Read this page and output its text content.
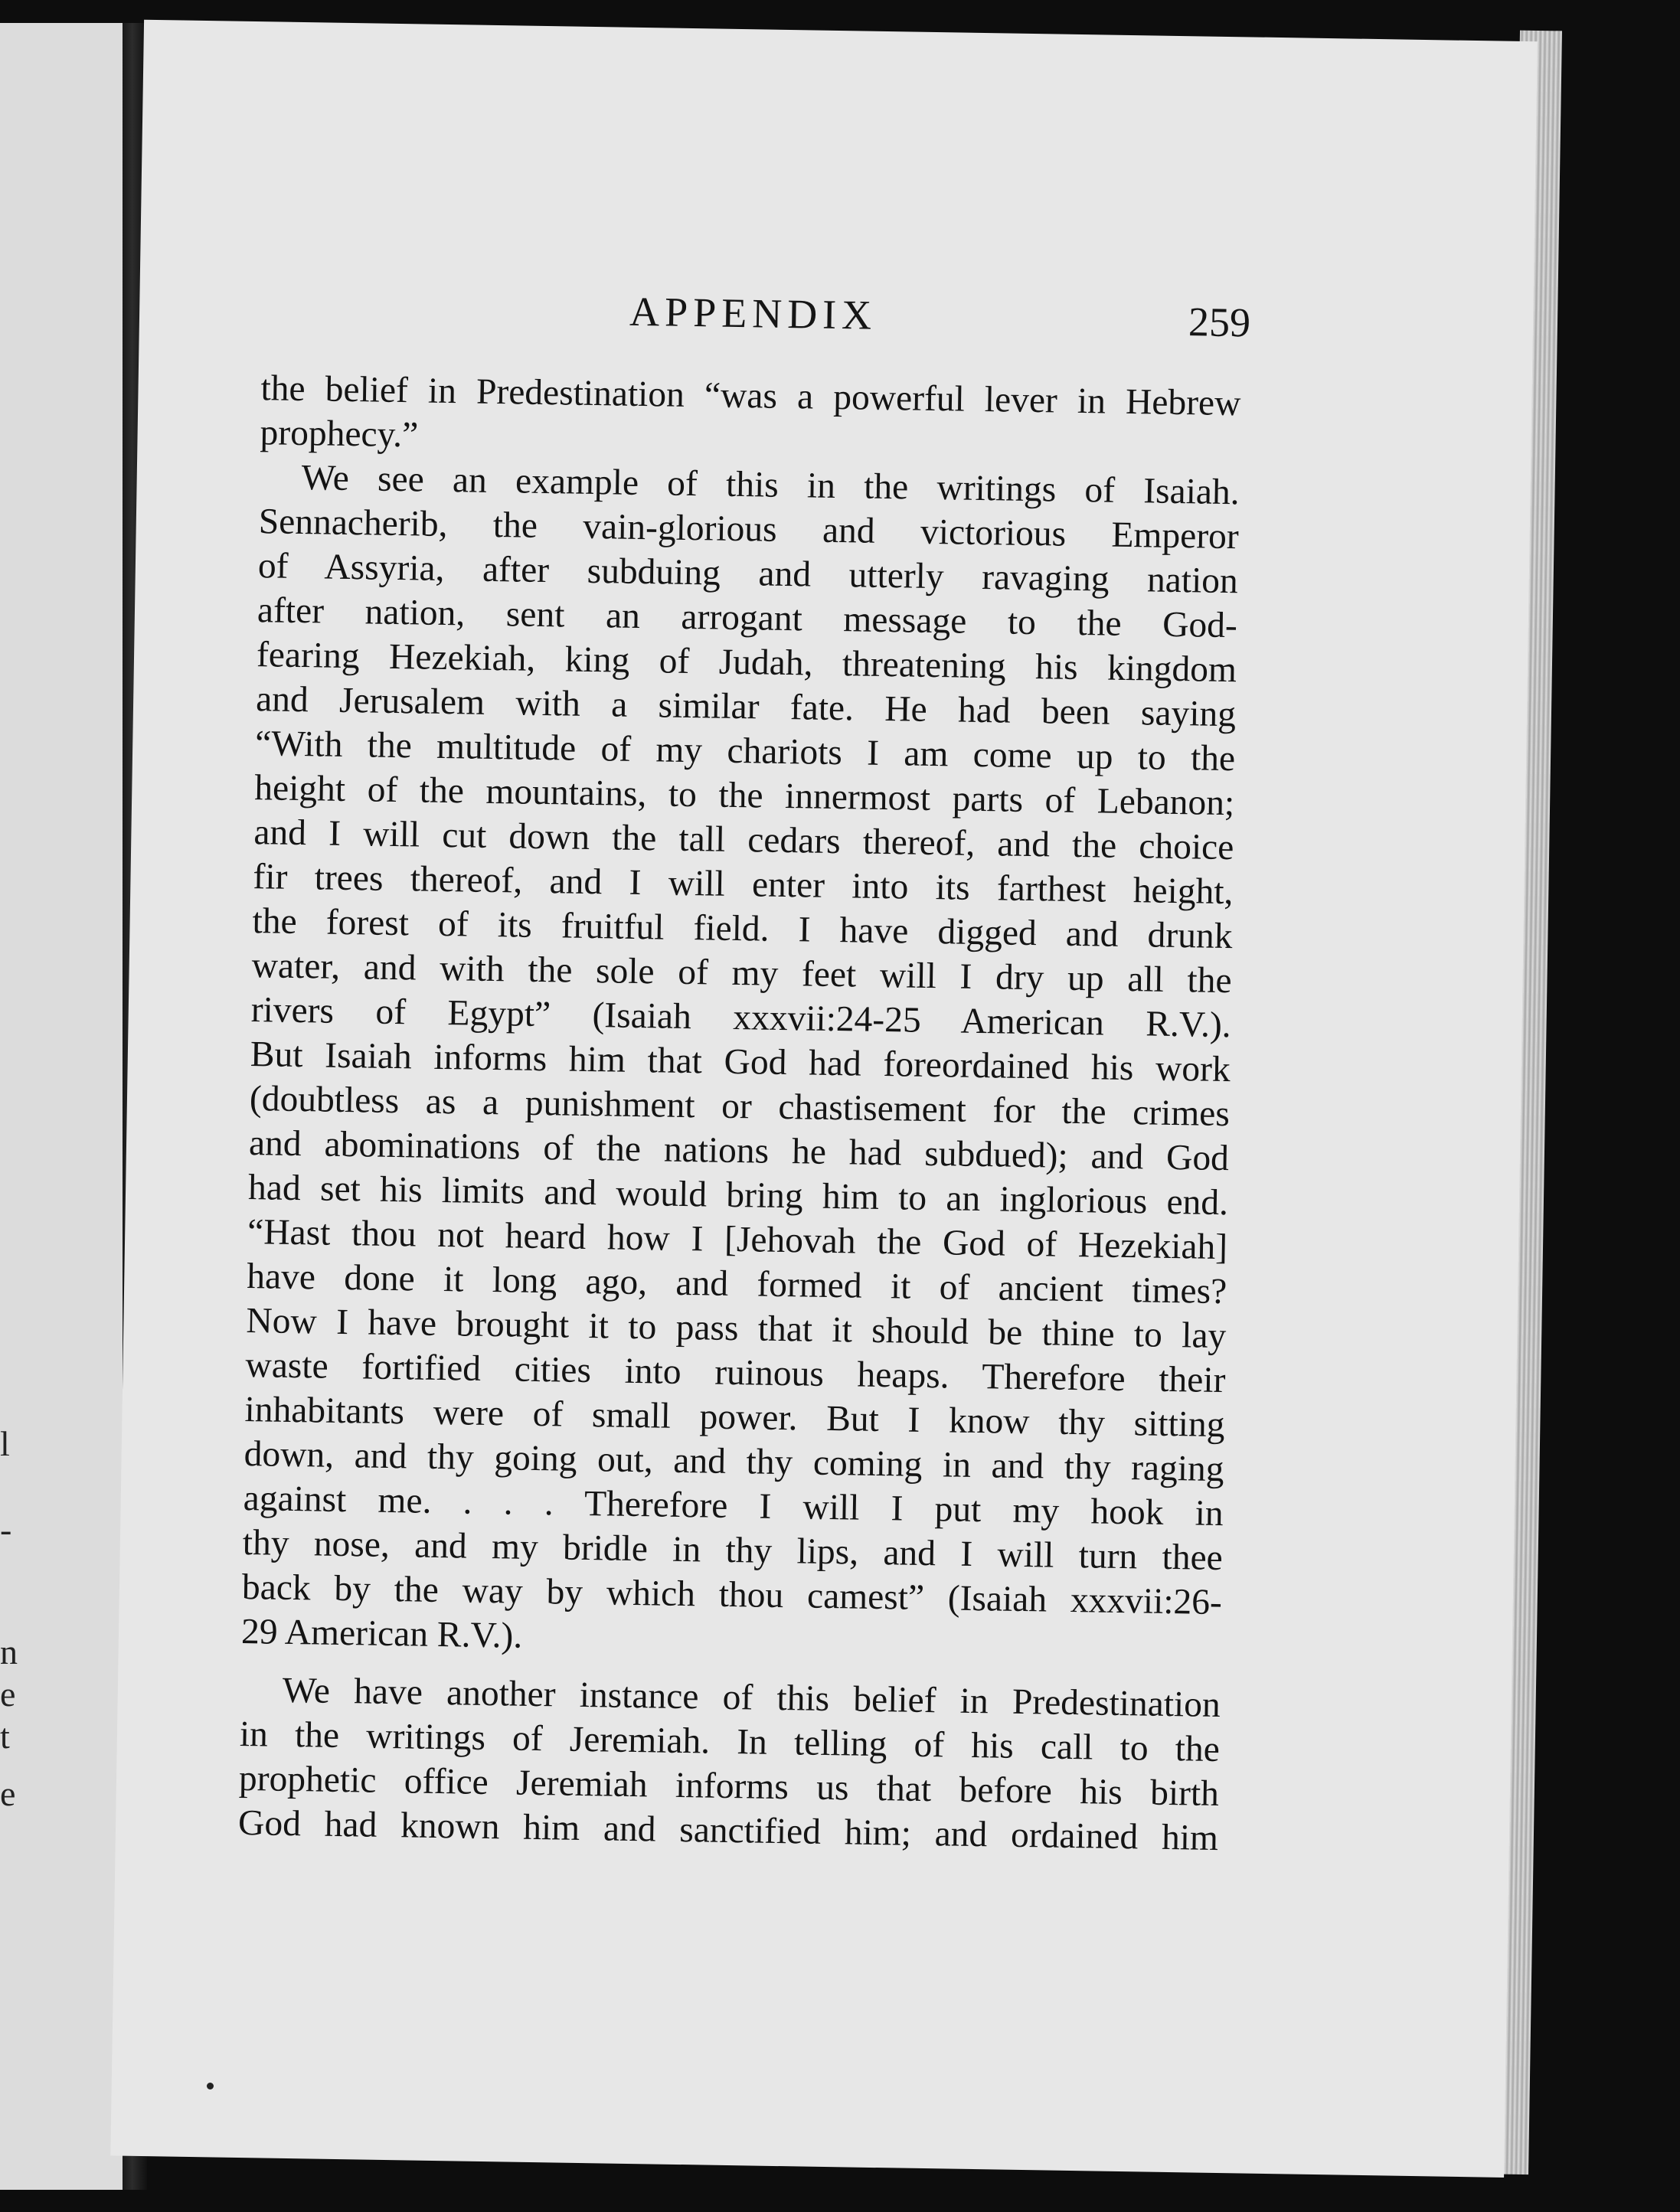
l
-
n
e
t
e
APPENDIX	259

the belief in Predestination “was a powerful lever in Hebrew
prophecy.”

We see an example of this in the writings of Isaiah.
Sennacherib, the vain-glorious and victorious Emperor
of Assyria, after subduing and utterly ravaging nation
after nation, sent an arrogant message to the God-
fearing Hezekiah, king of Judah, threatening his kingdom
and Jerusalem with a similar fate. He had been saying
“With the multitude of my chariots I am come up to the
height of the mountains, to the innermost parts of Lebanon;
and I will cut down the tall cedars thereof, and the choice
fir trees thereof, and I will enter into its farthest height,
the forest of its fruitful field. I have digged and drunk
water, and with the sole of my feet will I dry up all the
rivers of Egypt” (Isaiah xxxvii:24-25 American R.V.).
But Isaiah informs him that God had foreordained his work
(doubtless as a punishment or chastisement for the crimes
and abominations of the nations he had subdued); and God
had set his limits and would bring him to an inglorious end.
“Hast thou not heard how I [Jehovah the God of Hezekiah]
have done it long ago, and formed it of ancient times?
Now I have brought it to pass that it should be thine to lay
waste fortified cities into ruinous heaps. Therefore their
inhabitants were of small power. But I know thy sitting
down, and thy going out, and thy coming in and thy raging
against me. . . . Therefore I will I put my hook in
thy nose, and my bridle in thy lips, and I will turn thee
back by the way by which thou camest” (Isaiah xxxvii:26-
29 American R.V.).

We have another instance of this belief in Predestination
in the writings of Jeremiah. In telling of his call to the
prophetic office Jeremiah informs us that before his birth
God had known him and sanctified him; and ordained him
